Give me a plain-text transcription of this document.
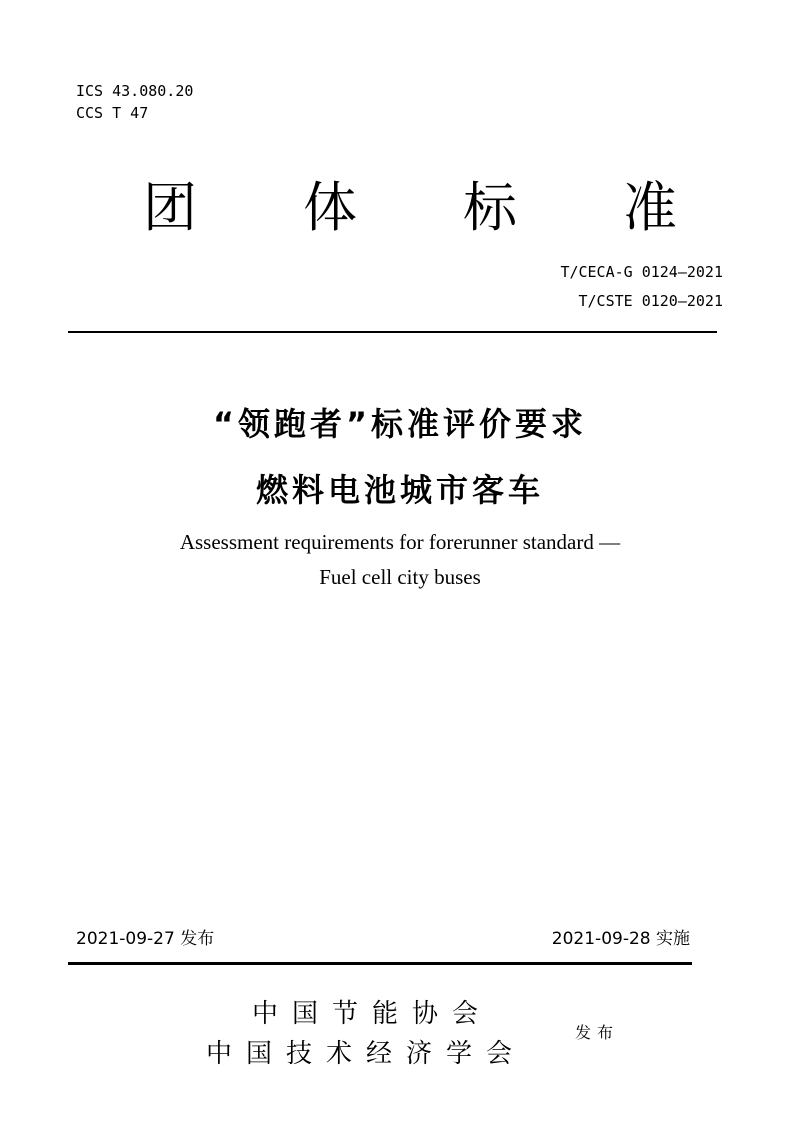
ICS 43.080.20
CCS T 47
团 体 标 准
T/CECA-G 0124—2021
T/CSTE 0120—2021
“领跑者”标准评价要求
燃料电池城市客车
Assessment requirements for forerunner standard —
Fuel cell city buses
2021-09-27 发布	2021-09-28 实施
中国节能协会
中国技术经济学会
发布
